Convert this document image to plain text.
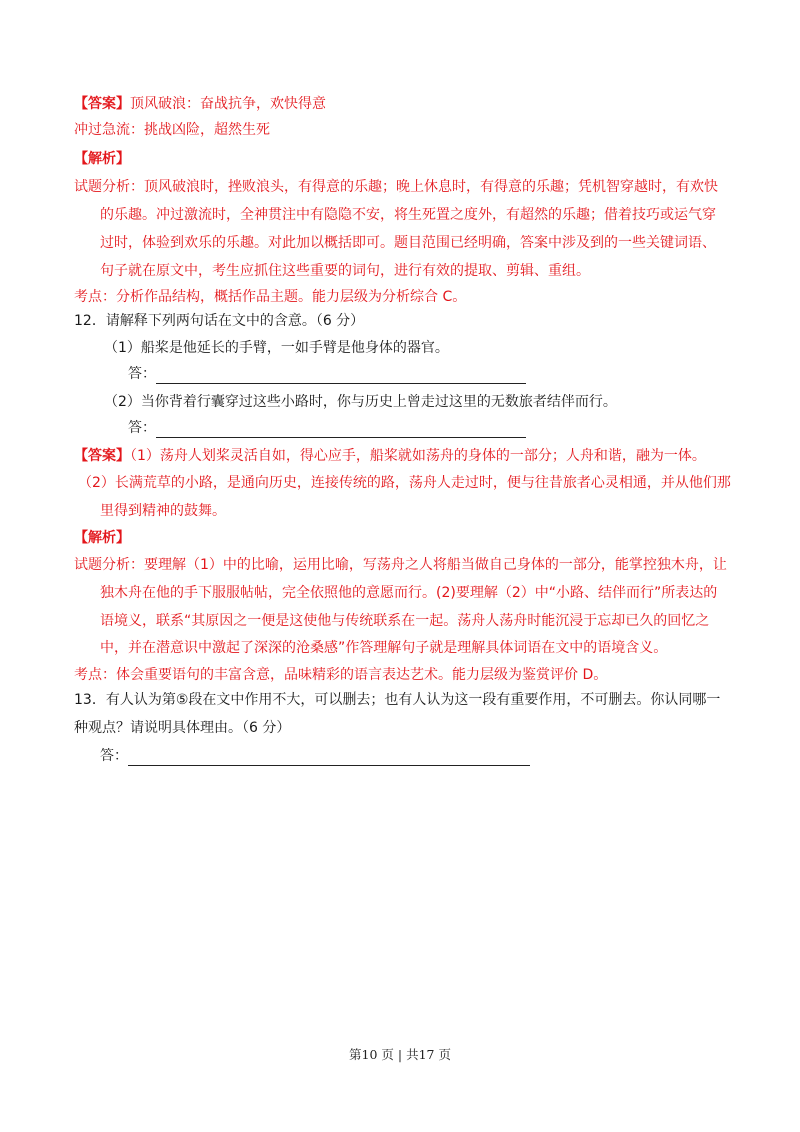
【答案】顶风破浪：奋战抗争，欢快得意
冲过急流：挑战凶险，超然生死
【解析】
试题分析：顶风破浪时，挫败浪头，有得意的乐趣；晚上休息时，有得意的乐趣；凭机智穿越时，有欢快
的乐趣。冲过激流时，全神贯注中有隐隐不安，将生死置之度外，有超然的乐趣；借着技巧或运气穿
过时，体验到欢乐的乐趣。对此加以概括即可。题目范围已经明确，答案中涉及到的一些关键词语、
句子就在原文中，考生应抓住这些重要的词句，进行有效的提取、剪辑、重组。
考点：分析作品结构，概括作品主题。能力层级为分析综合 C。
12．请解释下列两句话在文中的含意。（6 分）
（1）船桨是他延长的手臂，一如手臂是他身体的器官。
答：
（2）当你背着行囊穿过这些小路时，你与历史上曾走过这里的无数旅者结伴而行。
答：
【答案】（1）荡舟人划桨灵活自如，得心应手，船桨就如荡舟的身体的一部分；人舟和谐，融为一体。
（2）长满荒草的小路，是通向历史，连接传统的路，荡舟人走过时，便与往昔旅者心灵相通，并从他们那
里得到精神的鼓舞。
【解析】
试题分析：要理解（1）中的比喻，运用比喻，写荡舟之人将船当做自己身体的一部分，能掌控独木舟，让
独木舟在他的手下服服帖帖，完全依照他的意愿而行。(2)要理解（2）中“小路、结伴而行”所表达的
语境义，联系“其原因之一便是这使他与传统联系在一起。荡舟人荡舟时能沉浸于忘却已久的回忆之
中，并在潜意识中激起了深深的沧桑感”作答理解句子就是理解具体词语在文中的语境含义。
考点：体会重要语句的丰富含意，品味精彩的语言表达艺术。能力层级为鉴赏评价 D。
13．有人认为第⑤段在文中作用不大，可以删去；也有人认为这一段有重要作用，不可删去。你认同哪一
种观点？请说明具体理由。（6 分）
答：
第10 页 | 共17 页
